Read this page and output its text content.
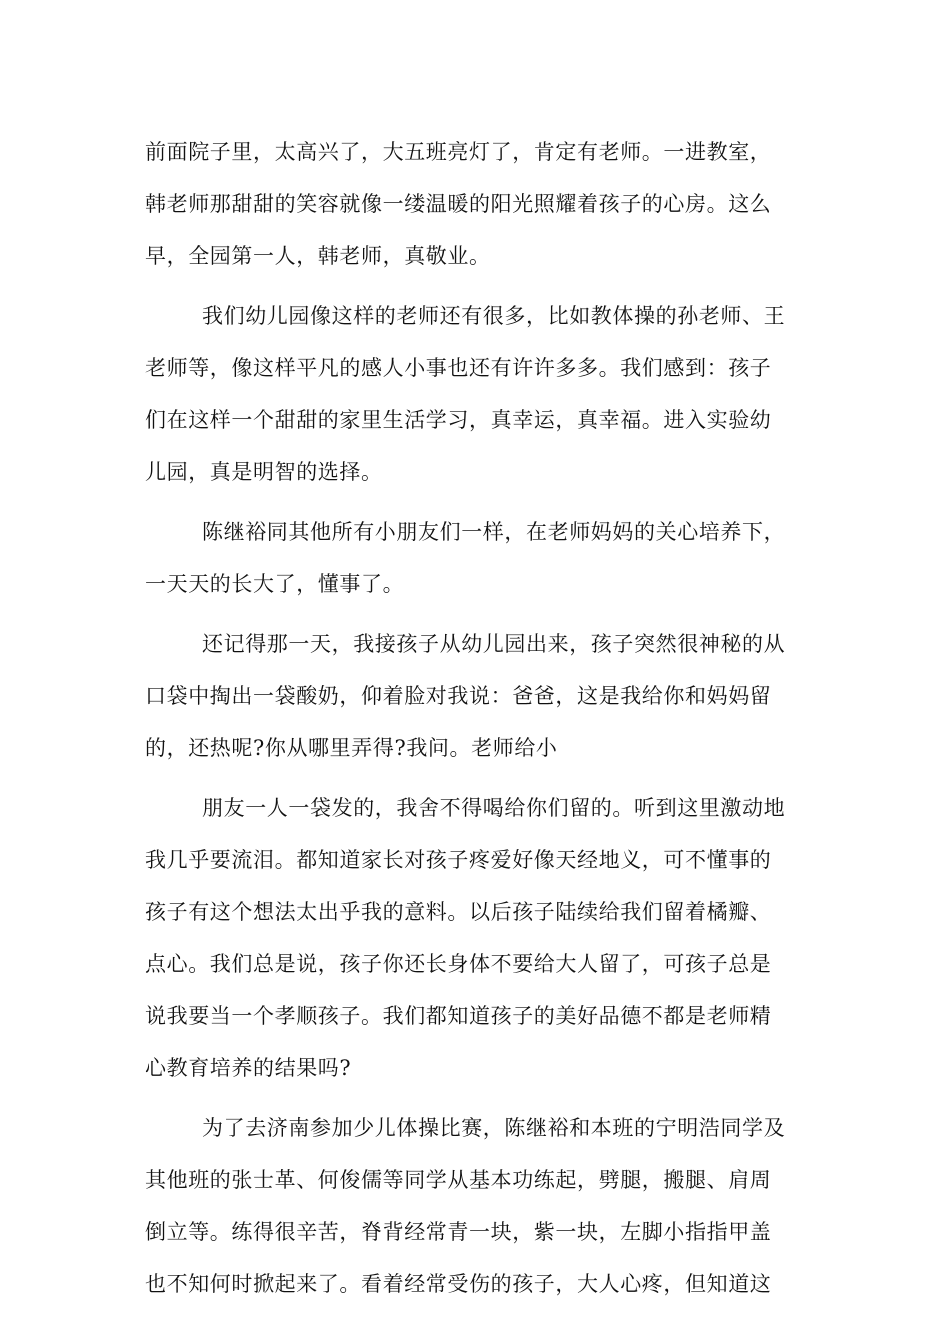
前面院子里，太高兴了，大五班亮灯了，肯定有老师。一进教室，
韩老师那甜甜的笑容就像一缕温暖的阳光照耀着孩子的心房。这么
早，全园第一人，韩老师，真敬业。
我们幼儿园像这样的老师还有很多，比如教体操的孙老师、王
老师等，像这样平凡的感人小事也还有许许多多。我们感到：孩子
们在这样一个甜甜的家里生活学习，真幸运，真幸福。进入实验幼
儿园，真是明智的选择。
陈继裕同其他所有小朋友们一样，在老师妈妈的关心培养下，
一天天的长大了，懂事了。
还记得那一天，我接孩子从幼儿园出来，孩子突然很神秘的从
口袋中掏出一袋酸奶，仰着脸对我说：爸爸，这是我给你和妈妈留
的，还热呢?你从哪里弄得?我问。老师给小
朋友一人一袋发的，我舍不得喝给你们留的。听到这里激动地
我几乎要流泪。都知道家长对孩子疼爱好像天经地义，可不懂事的
孩子有这个想法太出乎我的意料。以后孩子陆续给我们留着橘瓣、
点心。我们总是说，孩子你还长身体不要给大人留了，可孩子总是
说我要当一个孝顺孩子。我们都知道孩子的美好品德不都是老师精
心教育培养的结果吗?
为了去济南参加少儿体操比赛，陈继裕和本班的宁明浩同学及
其他班的张士革、何俊儒等同学从基本功练起，劈腿，搬腿、肩周
倒立等。练得很辛苦，脊背经常青一块，紫一块，左脚小指指甲盖
也不知何时掀起来了。看着经常受伤的孩子，大人心疼，但知道这
